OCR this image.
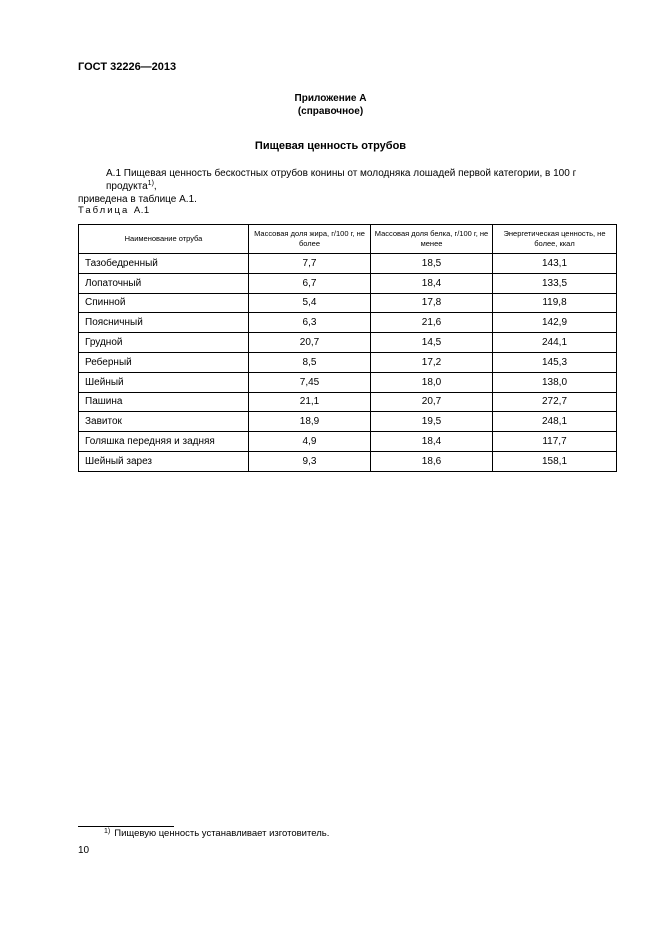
ГОСТ 32226—2013
Приложение А
(справочное)
Пищевая ценность отрубов
А.1 Пищевая ценность бескостных отрубов конины от молодняка лошадей первой категории, в 100 г продукта$^{1)}$,
приведена в таблице А.1.
Таблица А.1
Наименование отруба	Массовая доля жира, г/100 г, не более	Массовая доля белка, г/100 г, не менее	Энергетическая ценность, не более, ккал
Тазобедренный	7,7	18,5	143,1
Лопаточный	6,7	18,4	133,5
Спинной	5,4	17,8	119,8
Поясничный	6,3	21,6	142,9
Грудной	20,7	14,5	244,1
Реберный	8,5	17,2	145,3
Шейный	7,45	18,0	138,0
Пашина	21,1	20,7	272,7
Завиток	18,9	19,5	248,1
Голяшка передняя и задняя	4,9	18,4	117,7
Шейный зарез	9,3	18,6	158,1
$^{1)}$ Пищевую ценность устанавливает изготовитель.
10
